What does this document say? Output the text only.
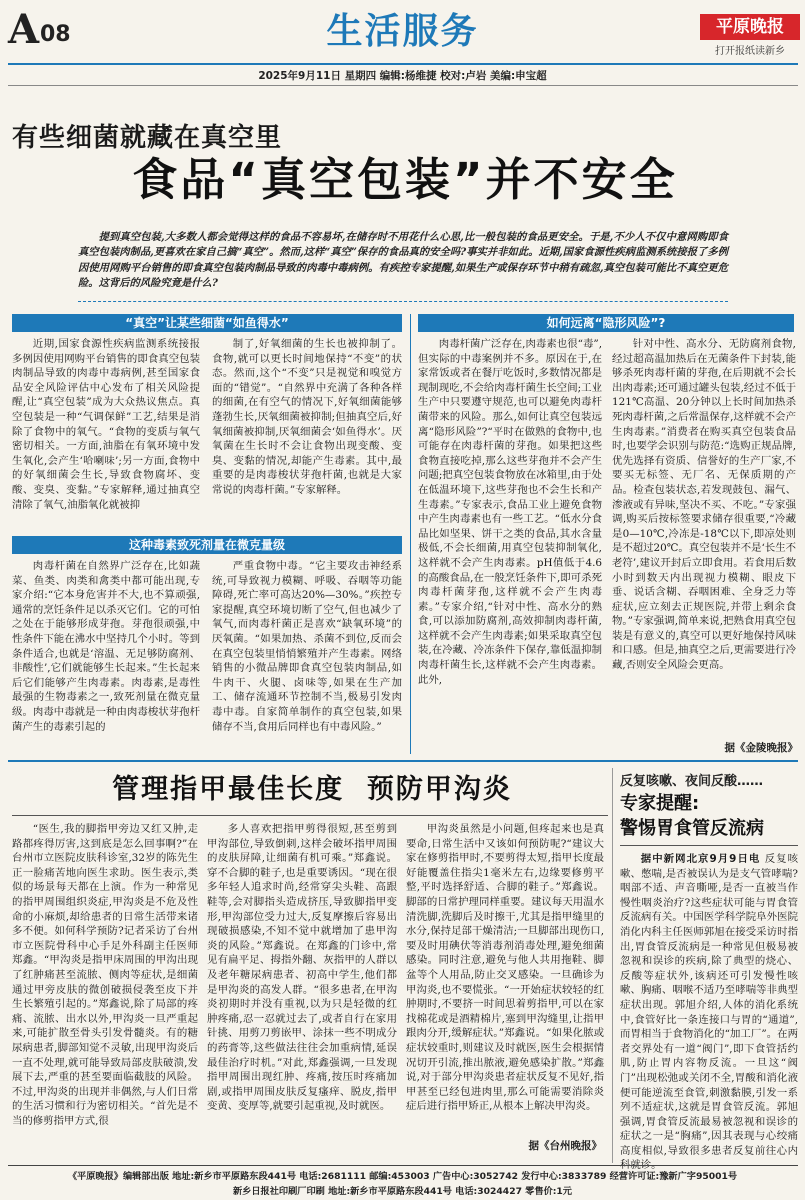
A 08	生活服务	平原晚报
打开报纸读新乡
2025年9月11日 星期四 编辑:杨维捷 校对:卢岩 美编:申宝超
有些细菌就藏在真空里
食品“真空包装”并不安全
提到真空包装,大多数人都会觉得这样的食品不容易坏,在储存时不用花什么心思,比一般包装的食品更安全。于是,不少人不仅中意网购即食真空包装肉制品,更喜欢在家自己搞“真空”。然而,这样“真空”保存的食品真的安全吗?事实并非如此。近期,国家食源性疾病监测系统接报了多例因使用网购平台销售的即食真空包装肉制品导致的肉毒中毒病例。有疾控专家提醒,如果生产或保存环节中稍有疏忽,真空包装可能比不真空更危险。这背后的风险究竟是什么?
“真空”让某些细菌“如鱼得水”
近期,国家食源性疾病监测系统接报多例因使用网购平台销售的即食真空包装肉制品导致的肉毒中毒病例,甚至国家食品安全风险评估中心发布了相关风险提醒,让“真空包装”成为大众热议焦点。真空包装是一种“气调保鲜”工艺,结果是消除了食物中的氧气。“食物的变质与氧气密切相关。一方面,油脂在有氧环境中发生氧化,会产生‘哈喇味’;另一方面,食物中的好氧细菌会生长,导致食物腐坏、变酸、变臭、变黏。”专家解释,通过抽真空清除了氧气,油脂氧化就被抑
制了,好氧细菌的生长也被抑制了。食物,就可以更长时间地保持“不变”的状态。然而,这个“不变”只是视觉和嗅觉方面的“错觉”。“自然界中充满了各种各样的细菌,在有空气的情况下,好氧细菌能够蓬勃生长,厌氧细菌被抑制;但抽真空后,好氧细菌被抑制,厌氧细菌会‘如鱼得水’。厌氧菌在生长时不会让食物出现变酸、变臭、变黏的情况,却能产生毒素。其中,最重要的是肉毒梭状芽孢杆菌,也就是大家常说的肉毒杆菌。”专家解释。
这种毒素致死剂量在微克量级
肉毒杆菌在自然界广泛存在,比如蔬菜、鱼类、肉类和禽类中都可能出现,专家介绍:“它本身危害并不大,也不算顽强,通常的烹饪条件足以杀灭它们。它的可怕之处在于能够形成芽孢。芽孢很顽强,中性条件下能在沸水中坚持几个小时。等到条件适合,也就是‘溶温、无足够防腐剂、非酸性’,它们就能够生长起来。”生长起来后它们能够产生肉毒素。肉毒素,是毒性最强的生物毒素之一,致死剂量在微克量级。肉毒中毒就是一种由肉毒梭状芽孢杆菌产生的毒素引起的
严重食物中毒。“它主要攻击神经系统,可导致视力模糊、呼吸、吞咽等功能障碍,死亡率可高达20%—30%。”疾控专家提醒,真空环境切断了空气,但也减少了氧气,而肉毒杆菌正是喜欢“缺氧环境”的厌氧菌。“如果加热、杀菌不到位,反而会在真空包装里悄悄繁殖并产生毒素。网络销售的小微品牌即食真空包装肉制品,如牛肉干、火腿、卤味等,如果在生产加工、储存流通环节控制不当,极易引发肉毒中毒。自家简单制作的真空包装,如果储存不当,食用后同样也有中毒风险。”
如何远离“隐形风险”?
肉毒杆菌广泛存在,肉毒素也很“毒”,但实际的中毒案例并不多。原因在于,在家常饭或者在餐厅吃饭时,多数情况都是现制现吃,不会给肉毒杆菌生长空间;工业生产中只要遵守规范,也可以避免肉毒杆菌带来的风险。那么,如何让真空包装远离“隐形风险”?“平时在做熟的食物中,也可能存在肉毒杆菌的芽孢。如果把这些食物直接吃掉,那么这些芽孢并不会产生问题;把真空包装食物放在冰箱里,由于处在低温环境下,这些芽孢也不会生长和产生毒素。”专家表示,食品工业上避免食物中产生肉毒素也有一些工艺。“低水分食品比如坚果、饼干之类的食品,其水含量极低,不会长细菌,用真空包装抑制氧化,这样就不会产生肉毒素。pH值低于4.6的高酸食品,在一般烹饪条件下,即可杀死肉毒杆菌芽孢,这样就不会产生肉毒素。”专家介绍,“针对中性、高水分的熟食,可以添加防腐剂,高效抑制肉毒杆菌,这样就不会产生肉毒素;如果采取真空包装,在冷藏、冷冻条件下保存,靠低温抑制肉毒杆菌生长,这样就不会产生肉毒素。此外,
针对中性、高水分、无防腐剂食物,经过超高温加热后在无菌条件下封装,能够杀死肉毒杆菌的芽孢,在后期就不会长出肉毒素;还可通过罐头包装,经过不低于121℃高温、20分钟以上长时间加热杀死肉毒杆菌,之后常温保存,这样就不会产生肉毒素。”消费者在购买真空包装食品时,也要学会识别与防范:“选购正规品牌,优先选择有资质、信誉好的生产厂家,不要买无标签、无厂名、无保质期的产品。检查包装状态,若发现鼓包、漏气、渗液或有异味,坚决不买、不吃。”专家强调,购买后按标签要求储存很重要,“冷藏是0—10℃,冷冻是-18℃以下,即凉处则是不超过20℃。真空包装并不是‘长生不老符’,建议开封后立即食用。若食用后数小时到数天内出现视力模糊、眼皮下垂、说话含糊、吞咽困难、全身乏力等症状,应立刻去正规医院,并带上剩余食物。”专家强调,简单来说,把熟食用真空包装是有意义的,真空可以更好地保持风味和口感。但是,抽真空之后,更需要进行冷藏,否则安全风险会更高。
据《金陵晚报》
管理指甲最佳长度  预防甲沟炎
“医生,我的脚指甲旁边又红又肿,走路都疼得厉害,这到底是怎么回事啊?”在台州市立医院皮肤科诊室,32岁的陈先生正一脸痛苦地向医生求助。医生表示,类似的场景每天都在上演。作为一种常见的指甲周围组织炎症,甲沟炎是不危及性命的小麻烦,却给患者的日常生活带来诸多不便。如何科学预防?记者采访了台州市立医院骨科中心手足外科副主任医师郑鑫。“甲沟炎是指甲床周围的甲沟出现了红肿痛甚至流脓、侧肉等症状,是细菌通过甲旁皮肤的微创破损侵袭至皮下并生长繁殖引起的。”郑鑫说,除了局部的疼痛、流脓、出水以外,甲沟炎一旦严重起来,可能扩散至骨头引发骨髓炎。有的糖尿病患者,脚部知觉不灵敏,出现甲沟炎后一直不处理,就可能导致局部皮肤破溃,发展下去,严重的甚至要面临截肢的风险。不过,甲沟炎的出现并非偶然,与人们日常的生活习惯和行为密切相关。“首先是不当的修剪指甲方式,很
多人喜欢把指甲剪得很短,甚至剪到甲沟部位,导致倒刺,这样会破坏指甲周围的皮肤屏障,让细菌有机可乘。”郑鑫说。穿不合脚的鞋子,也是重要诱因。“现在很多年轻人追求时尚,经常穿尖头鞋、高跟鞋等,会对脚指头造成挤压,导致脚指甲变形,甲沟部位受力过大,反复摩擦后容易出现破损感染,不知不觉中就增加了患甲沟炎的风险。”郑鑫说。在郑鑫的门诊中,常见有扁平足、拇指外翻、灰指甲的人群以及老年糖尿病患者、初高中学生,他们都是甲沟炎的高发人群。“很多患者,在甲沟炎初期时并没有重视,以为只是轻微的红肿疼痛,忍一忍就过去了,或者自行在家用针挑、用剪刀剪嵌甲、涂抹一些不明成分的药膏等,这些做法往往会加重病情,延误最佳治疗时机。”对此,郑鑫强调,一旦发现指甲周围出现红肿、疼痛,按压时疼痛加剧,或指甲周围皮肤反复瘙痒、脱皮,指甲变黄、变厚等,就要引起重视,及时就医。
甲沟炎虽然是小问题,但疼起来也是真要命,日常生活中又该如何预防呢?“建议大家在修剪指甲时,不要剪得太短,指甲长度最好能覆盖住指尖1毫米左右,边缘要修剪平整,平时选择舒适、合脚的鞋子。”郑鑫说。脚部的日常护理同样重要。建议每天用温水清洗脚,洗脚后及时擦干,尤其是指甲缝里的水分,保持足部干燥清洁;一旦脚部出现伤口,要及时用碘伏等消毒剂消毒处理,避免细菌感染。同时注意,避免与他人共用拖鞋、脚盆等个人用品,防止交叉感染。一旦确诊为甲沟炎,也不要慌张。“一开始症状较轻的红肿期时,不要挤一时间思着剪指甲,可以在家找棉花或是酒精棉片,塞到甲沟缝里,让指甲跟肉分开,缓解症状。”郑鑫说。“如果化脓或症状较重时,则建议及时就医,医生会根据情况切开引流,推出脓液,避免感染扩散。”郑鑫说,对于部分甲沟炎患者症状反复不见好,指甲甚至已经包进肉里,那么可能需要消除炎症后进行指甲矫正,从根本上解决甲沟炎。
据《台州晚报》
反复咳嗽、夜间反酸……
专家提醒:
警惕胃食管反流病
据中新网北京9月9日电 反复咳嗽、憋喘,是否被误认为是支气管哮喘?咽部不适、声音嘶哑,是否一直被当作慢性咽炎治疗?这些症状可能与胃食管反流病有关。中国医学科学院阜外医院消化内科主任医师郭旭在接受采访时指出,胃食管反流病是一种常见但极易被忽视和误诊的疾病,除了典型的烧心、反酸等症状外,该病还可引发慢性咳嗽、胸痛、咽喉不适乃至哮喘等非典型症状出现。郭旭介绍,人体的消化系统中,食管好比一条连接口与胃的“通道”,而胃相当于食物消化的“加工厂”。在两者交界处有一道“阀门”,即下食管括约肌,防止胃内容物反流。一旦这“阀门”出现松弛或关闭不全,胃酸和消化液便可能逆流至食管,刺激黏膜,引发一系列不适症状,这就是胃食管反流。郭旭强调,胃食管反流最易被忽视和误诊的症状之一是“胸痛”,因其表现与心绞痛高度相似,导致很多患者反复前往心内科就诊。
《平原晚报》编辑部出版 地址:新乡市平原路东段441号 电话:2681111 邮编:453003 广告中心:3052742 发行中心:3833789 经营许可证:豫新广字95001号
新乡日报社印刷厂印刷 地址:新乡市平原路东段441号 电话:3024427 零售价:1元
